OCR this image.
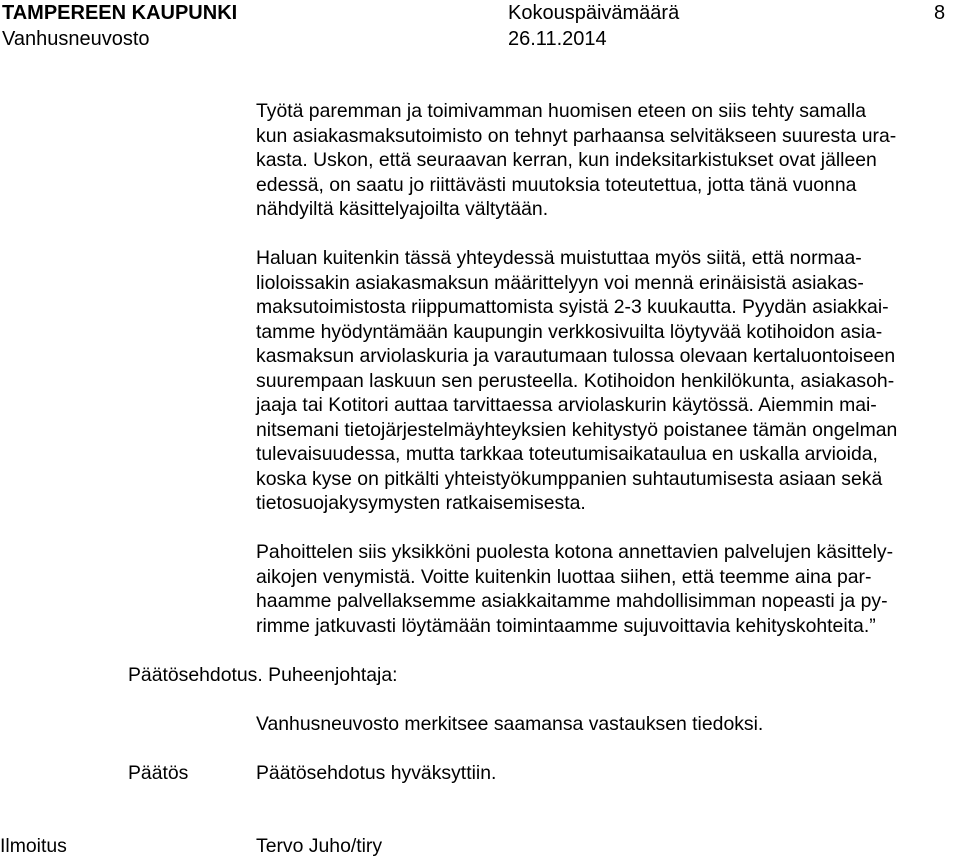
TAMPEREEN KAUPUNKI
Vanhusneuvosto
Kokouspäivämäärä
26.11.2014
8
Työtä paremman ja toimivamman huomisen eteen on siis tehty samalla
kun asiakasmaksutoimisto on tehnyt parhaansa selvitäkseen suuresta ura-
kasta. Uskon, että seuraavan kerran, kun indeksitarkistukset ovat jälleen
edessä, on saatu jo riittävästi muutoksia toteutettua, jotta tänä vuonna
nähdyiltä käsittelyajoilta vältytään.
Haluan kuitenkin tässä yhteydessä muistuttaa myös siitä, että normaa-
lioloissakin asiakasmaksun määrittelyyn voi mennä erinäisistä asiakas-
maksutoimistosta riippumattomista syistä 2-3 kuukautta. Pyydän asiakkai-
tamme hyödyntämään kaupungin verkkosivuilta löytyvää kotihoidon asia-
kasmaksun arviolaskuria ja varautumaan tulossa olevaan kertaluontoiseen
suurempaan laskuun sen perusteella. Kotihoidon henkilökunta, asiakasoh-
jaaja tai Kotitori auttaa tarvittaessa arviolaskurin käytössä. Aiemmin mai-
nitsemani tietojärjestelmäyhteyksien kehitystyö poistanee tämän ongelman
tulevaisuudessa, mutta tarkkaa toteutumisaikataulua en uskalla arvioida,
koska kyse on pitkälti yhteistyökumppanien suhtautumisesta asiaan sekä
tietosuojakysymysten ratkaisemisesta.
Pahoittelen siis yksikköni puolesta kotona annettavien palvelujen käsittely-
aikojen venymistä. Voitte kuitenkin luottaa siihen, että teemme aina par-
haamme palvellaksemme asiakkaitamme mahdollisimman nopeasti ja py-
rimme jatkuvasti löytämään toimintaamme sujuvoittavia kehityskohteita.”
Päätösehdotus. Puheenjohtaja:
Vanhusneuvosto merkitsee saamansa vastauksen tiedoksi.
Päätös	Päätösehdotus hyväksyttiin.
Ilmoitus	Tervo Juho/tiry
